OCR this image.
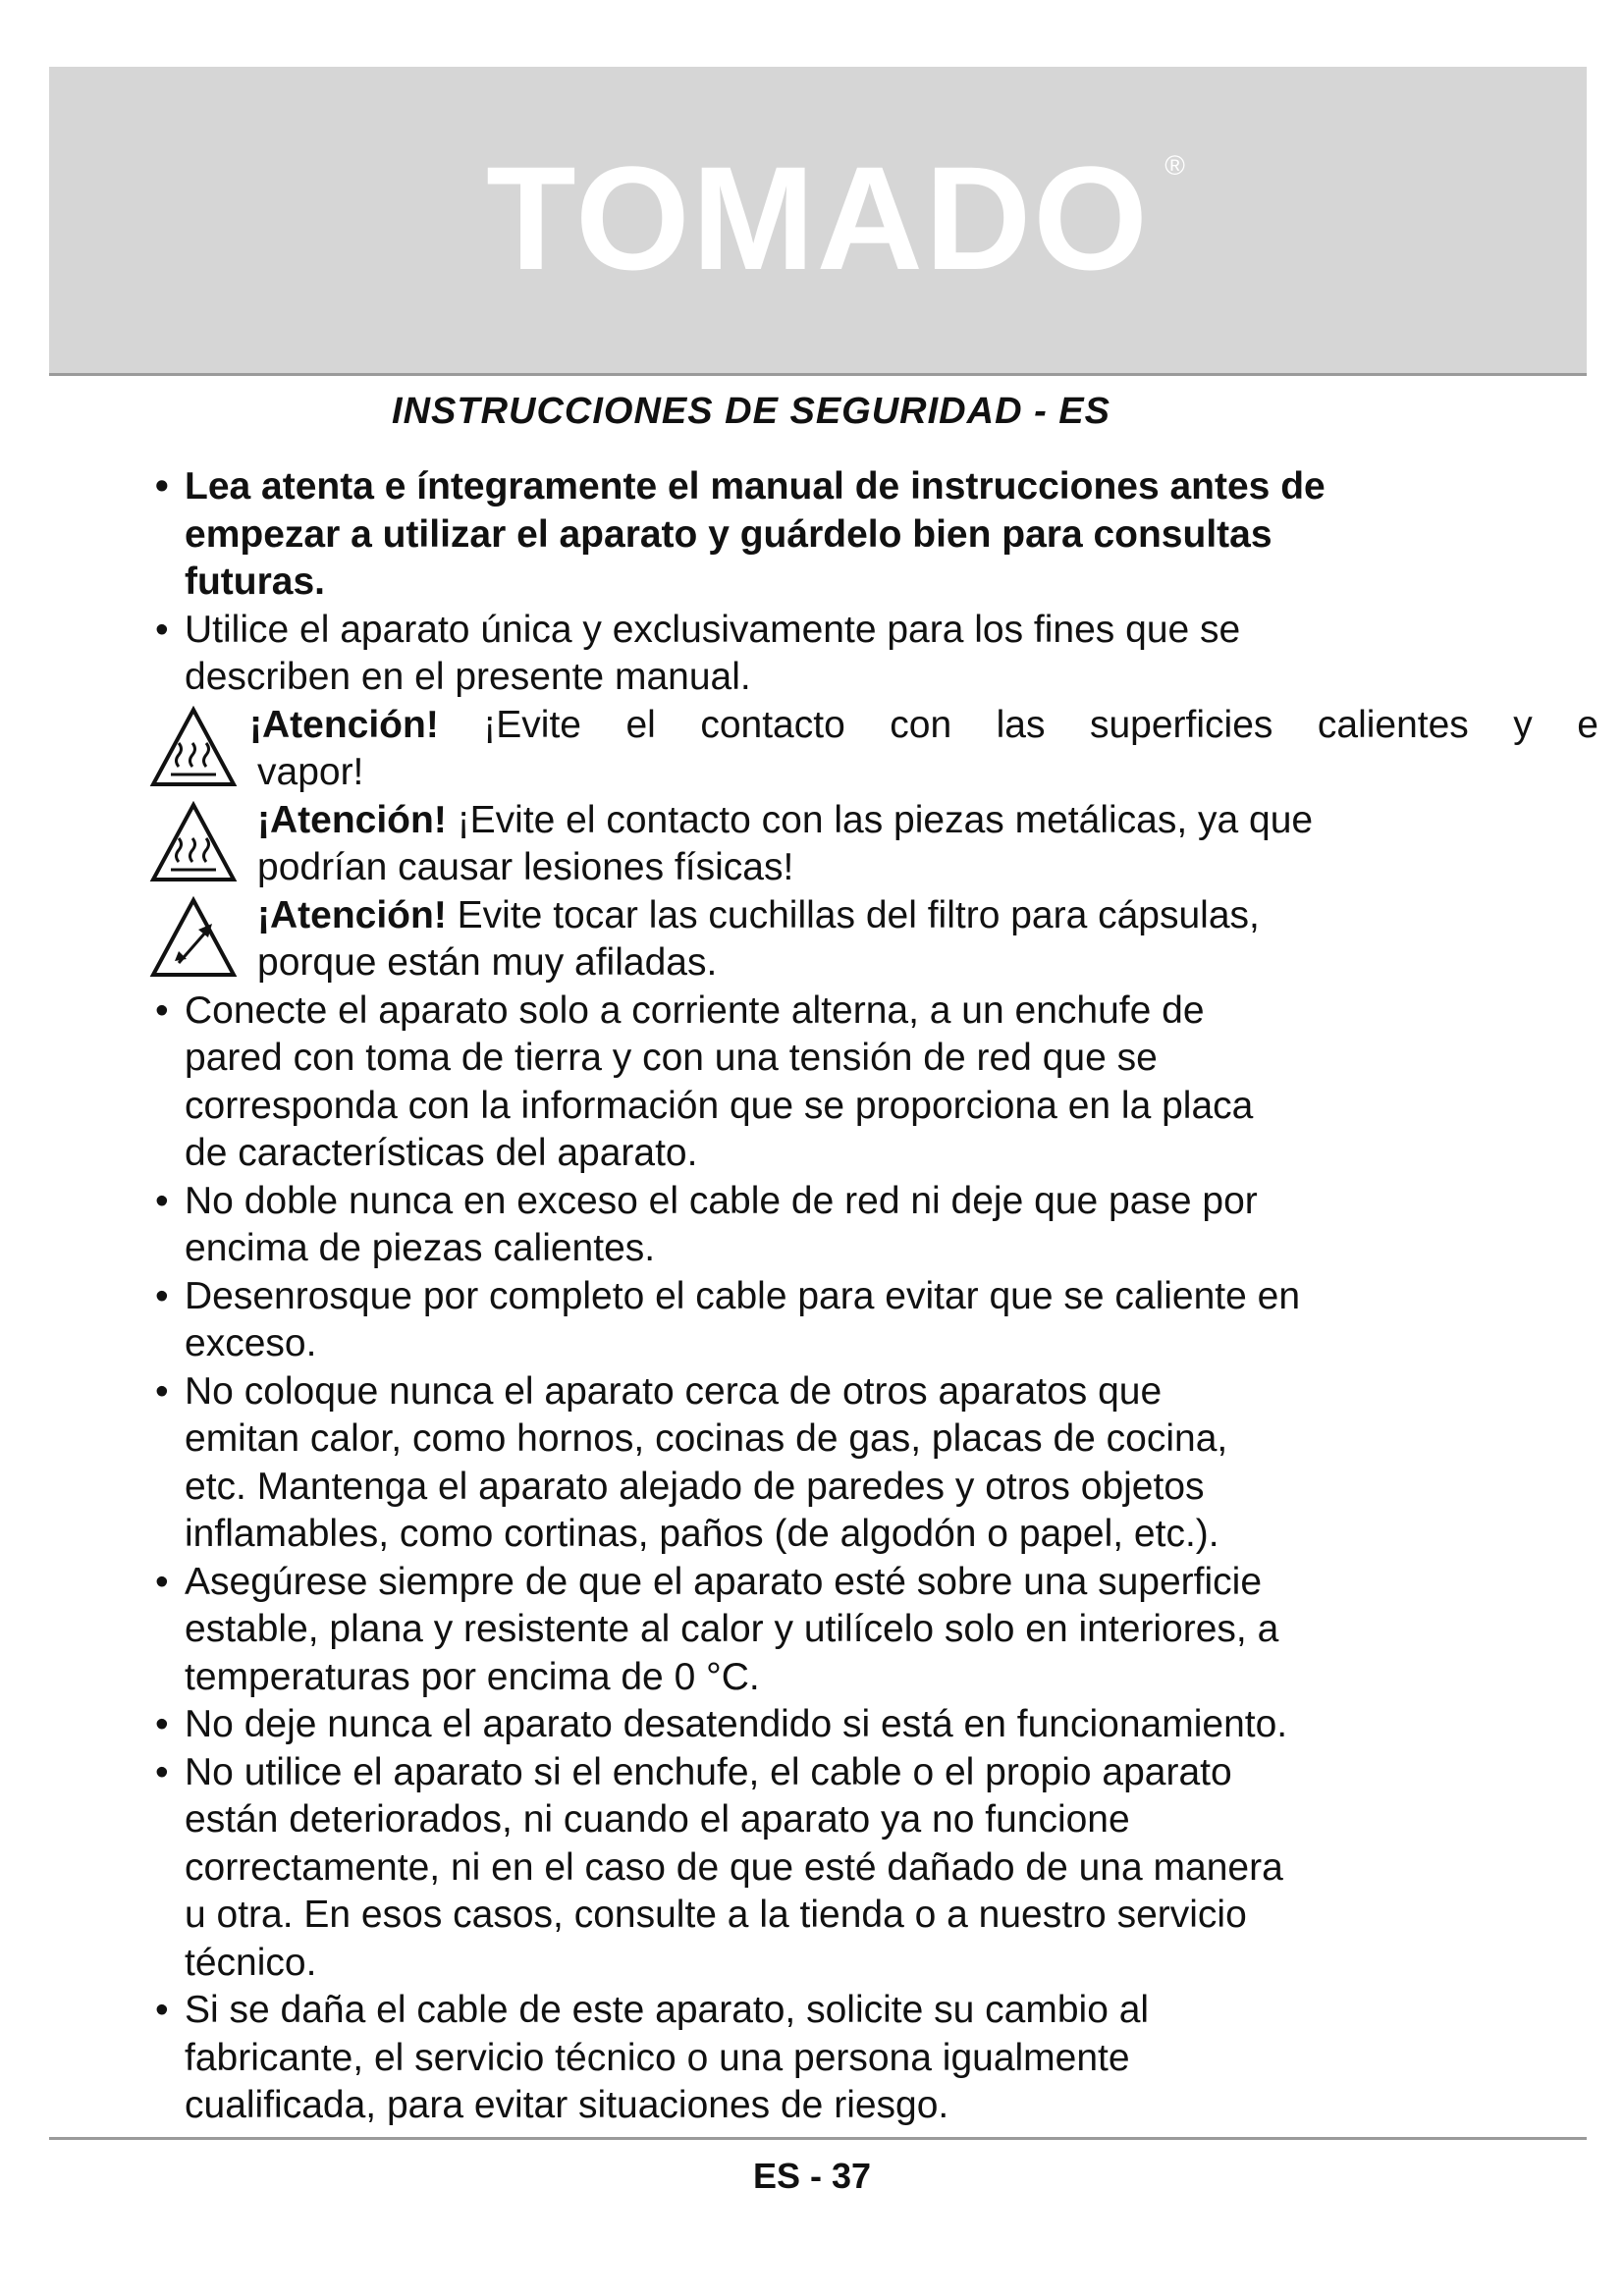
TOMADO ®
INSTRUCCIONES DE SEGURIDAD - ES
• Lea atenta e íntegramente el manual de instrucciones antes de
empezar a utilizar el aparato y guárdelo bien para consultas
futuras.
• Utilice el aparato única y exclusivamente para los fines que se
describen en el presente manual.
¡Atención! ¡Evite el contacto con las superficies calientes y e
vapor!
¡Atención! ¡Evite el contacto con las piezas metálicas, ya que
podrían causar lesiones físicas!
¡Atención! Evite tocar las cuchillas del filtro para cápsulas,
porque están muy afiladas.
• Conecte el aparato solo a corriente alterna, a un enchufe de
pared con toma de tierra y con una tensión de red que se
corresponda con la información que se proporciona en la placa
de características del aparato.
• No doble nunca en exceso el cable de red ni deje que pase por
encima de piezas calientes.
• Desenrosque por completo el cable para evitar que se caliente en
exceso.
• No coloque nunca el aparato cerca de otros aparatos que
emitan calor, como hornos, cocinas de gas, placas de cocina,
etc. Mantenga el aparato alejado de paredes y otros objetos
inflamables, como cortinas, paños (de algodón o papel, etc.).
• Asegúrese siempre de que el aparato esté sobre una superficie
estable, plana y resistente al calor y utilícelo solo en interiores, a
temperaturas por encima de 0 °C.
• No deje nunca el aparato desatendido si está en funcionamiento.
• No utilice el aparato si el enchufe, el cable o el propio aparato
están deteriorados, ni cuando el aparato ya no funcione
correctamente, ni en el caso de que esté dañado de una manera
u otra. En esos casos, consulte a la tienda o a nuestro servicio
técnico.
• Si se daña el cable de este aparato, solicite su cambio al
fabricante, el servicio técnico o una persona igualmente
cualificada, para evitar situaciones de riesgo.
ES - 37
